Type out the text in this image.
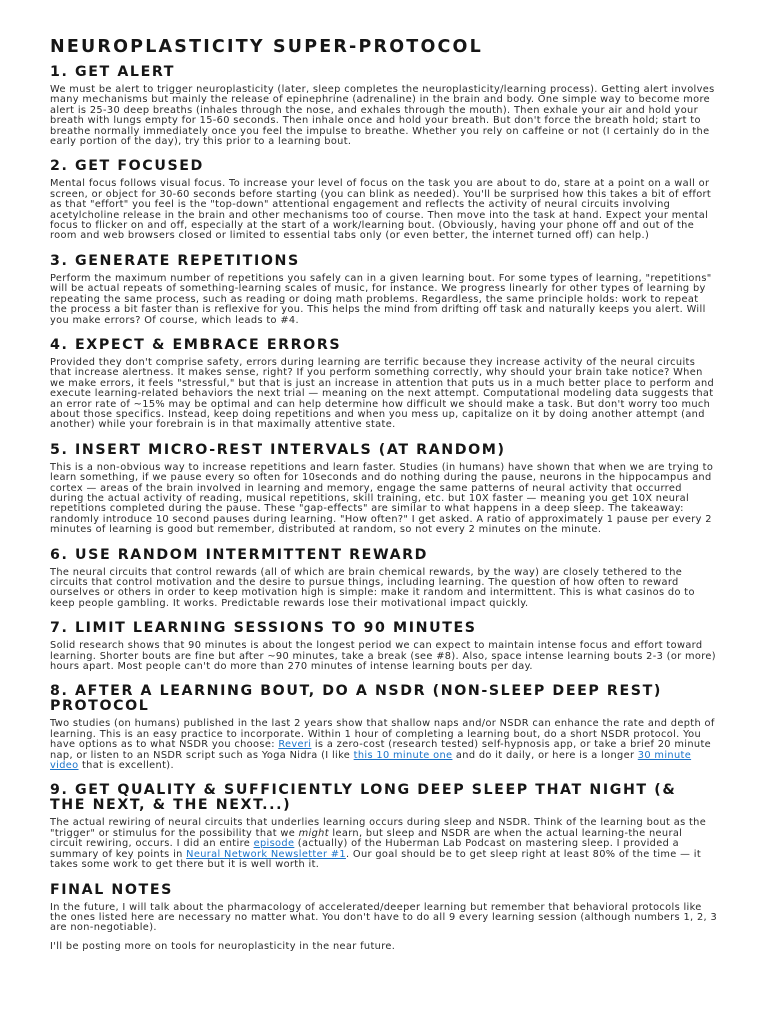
NEUROPLASTICITY SUPER-PROTOCOL
1. GET ALERT

We must be alert to trigger neuroplasticity (later, sleep completes the neuroplasticity/learning process). Getting alert involves many mechanisms but mainly the release of epinephrine (adrenaline) in the brain and body. One simple way to become more alert is 25-30 deep breaths (inhales through the nose, and exhales through the mouth). Then exhale your air and hold your breath with lungs empty for 15-60 seconds. Then inhale once and hold your breath. But don't force the breath hold; start to breathe normally immediately once you feel the impulse to breathe. Whether you rely on caffeine or not (I certainly do in the early portion of the day), try this prior to a learning bout.

2. GET FOCUSED

Mental focus follows visual focus. To increase your level of focus on the task you are about to do, stare at a point on a wall or screen, or object for 30-60 seconds before starting (you can blink as needed). You'll be surprised how this takes a bit of effort as that "effort" you feel is the "top-down" attentional engagement and reflects the activity of neural circuits involving acetylcholine release in the brain and other mechanisms too of course. Then move into the task at hand. Expect your mental focus to flicker on and off, especially at the start of a work/learning bout. (Obviously, having your phone off and out of the room and web browsers closed or limited to essential tabs only (or even better, the internet turned off) can help.)

3. GENERATE REPETITIONS

Perform the maximum number of repetitions you safely can in a given learning bout. For some types of learning, "repetitions" will be actual repeats of something-learning scales of music, for instance. We progress linearly for other types of learning by repeating the same process, such as reading or doing math problems. Regardless, the same principle holds: work to repeat the process a bit faster than is reflexive for you. This helps the mind from drifting off task and naturally keeps you alert. Will you make errors? Of course, which leads to #4.

4. EXPECT & EMBRACE ERRORS

Provided they don't comprise safety, errors during learning are terrific because they increase activity of the neural circuits that increase alertness. It makes sense, right? If you perform something correctly, why should your brain take notice? When we make errors, it feels "stressful," but that is just an increase in attention that puts us in a much better place to perform and execute learning-related behaviors the next trial — meaning on the next attempt. Computational modeling data suggests that an error rate of ~15% may be optimal and can help determine how difficult we should make a task. But don't worry too much about those specifics. Instead, keep doing repetitions and when you mess up, capitalize on it by doing another attempt (and another) while your forebrain is in that maximally attentive state.

5. INSERT MICRO-REST INTERVALS (AT RANDOM)

This is a non-obvious way to increase repetitions and learn faster. Studies (in humans) have shown that when we are trying to learn something, if we pause every so often for 10seconds and do nothing during the pause, neurons in the hippocampus and cortex — areas of the brain involved in learning and memory, engage the same patterns of neural activity that occurred during the actual activity of reading, musical repetitions, skill training, etc. but 10X faster — meaning you get 10X neural repetitions completed during the pause. These "gap-effects" are similar to what happens in a deep sleep. The takeaway: randomly introduce 10 second pauses during learning. "How often?" I get asked. A ratio of approximately 1 pause per every 2 minutes of learning is good but remember, distributed at random, so not every 2 minutes on the minute.

6. USE RANDOM INTERMITTENT REWARD

The neural circuits that control rewards (all of which are brain chemical rewards, by the way) are closely tethered to the circuits that control motivation and the desire to pursue things, including learning. The question of how often to reward ourselves or others in order to keep motivation high is simple: make it random and intermittent. This is what casinos do to keep people gambling. It works. Predictable rewards lose their motivational impact quickly.

7. LIMIT LEARNING SESSIONS TO 90 MINUTES

Solid research shows that 90 minutes is about the longest period we can expect to maintain intense focus and effort toward learning. Shorter bouts are fine but after ~90 minutes, take a break (see #8). Also, space intense learning bouts 2-3 (or more) hours apart. Most people can't do more than 270 minutes of intense learning bouts per day.

8. AFTER A LEARNING BOUT, DO A NSDR (NON-SLEEP DEEP REST) PROTOCOL

Two studies (on humans) published in the last 2 years show that shallow naps and/or NSDR can enhance the rate and depth of learning. This is an easy practice to incorporate. Within 1 hour of completing a learning bout, do a short NSDR protocol. You have options as to what NSDR you choose: Reveri is a zero-cost (research tested) self-hypnosis app, or take a brief 20 minute nap, or listen to an NSDR script such as Yoga Nidra (I like this 10 minute one and do it daily, or here is a longer 30 minute video that is excellent).

9. GET QUALITY & SUFFICIENTLY LONG DEEP SLEEP THAT NIGHT (& THE NEXT, & THE NEXT...)

The actual rewiring of neural circuits that underlies learning occurs during sleep and NSDR. Think of the learning bout as the "trigger" or stimulus for the possibility that we might learn, but sleep and NSDR are when the actual learning-the neural circuit rewiring, occurs. I did an entire episode (actually) of the Huberman Lab Podcast on mastering sleep. I provided a summary of key points in Neural Network Newsletter #1. Our goal should be to get sleep right at least 80% of the time — it takes some work to get there but it is well worth it.

FINAL NOTES

In the future, I will talk about the pharmacology of accelerated/deeper learning but remember that behavioral protocols like the ones listed here are necessary no matter what. You don't have to do all 9 every learning session (although numbers 1, 2, 3 are non-negotiable).

I'll be posting more on tools for neuroplasticity in the near future.
